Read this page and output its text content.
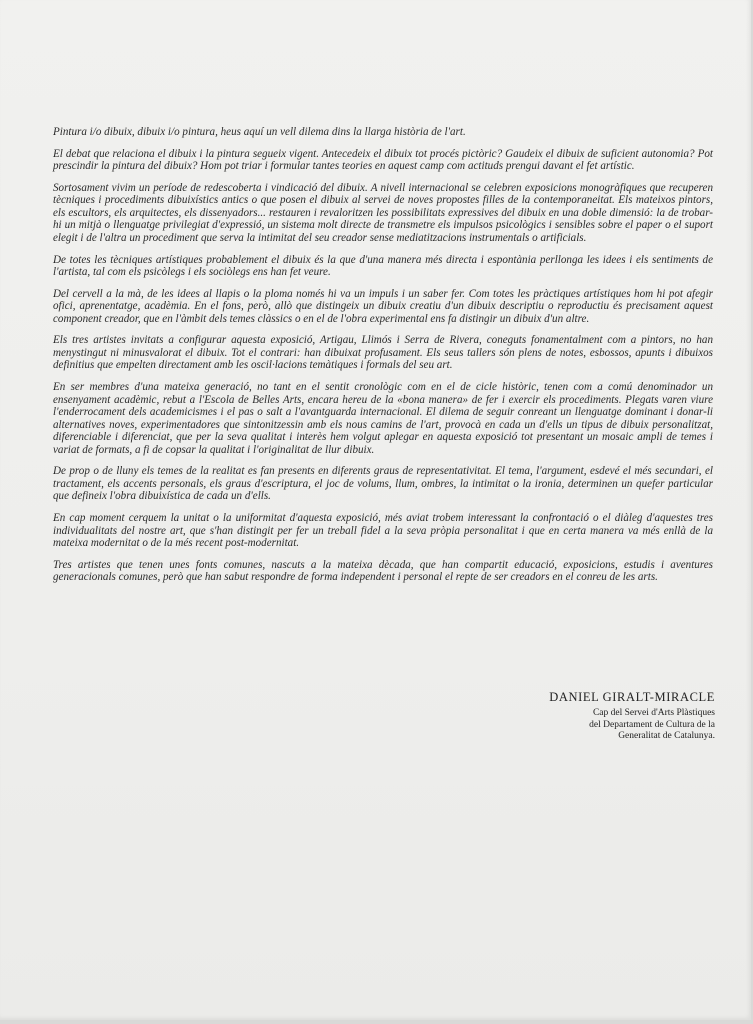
Pintura i/o dibuix, dibuix i/o pintura, heus aquí un vell dilema dins la llarga història de l'art.

El debat que relaciona el dibuix i la pintura segueix vigent. Antecedeix el dibuix tot procés pictòric? Gaudeix el dibuix de suficient autonomia? Pot prescindir la pintura del dibuix? Hom pot triar i formular tantes teories en aquest camp com actituds prengui davant el fet artístic.

Sortosament vivim un període de redescoberta i vindicació del dibuix. A nivell internacional se celebren exposicions monogràfiques que recuperen tècniques i procediments dibuixístics antics o que posen el dibuix al servei de noves propostes filles de la contemporaneitat. Els mateixos pintors, els escultors, els arquitectes, els dissenyadors... restauren i revaloritzen les possibilitats expressives del dibuix en una doble dimensió: la de trobar-hi un mitjà o llenguatge privilegiat d'expressió, un sistema molt directe de transmetre els impulsos psicològics i sensibles sobre el paper o el suport elegit i de l'altra un procediment que serva la intimitat del seu creador sense mediatitzacions instrumentals o artificials.

De totes les tècniques artístiques probablement el dibuix és la que d'una manera més directa i espontània perllonga les idees i els sentiments de l'artista, tal com els psicòlegs i els sociòlegs ens han fet veure.

Del cervell a la mà, de les idees al llapis o la ploma només hi va un impuls i un saber fer. Com totes les pràctiques artístiques hom hi pot afegir ofici, aprenentatge, acadèmia. En el fons, però, allò que distingeix un dibuix creatiu d'un dibuix descriptiu o reproductiu és precisament aquest component creador, que en l'àmbit dels temes clàssics o en el de l'obra experimental ens fa distingir un dibuix d'un altre.

Els tres artistes invitats a configurar aquesta exposició, Artigau, Llimós i Serra de Rivera, coneguts fonamentalment com a pintors, no han menystingut ni minusvalorat el dibuix. Tot el contrari: han dibuixat profusament. Els seus tallers són plens de notes, esbossos, apunts i dibuixos definitius que empelten directament amb les oscil·lacions temàtiques i formals del seu art.

En ser membres d'una mateixa generació, no tant en el sentit cronològic com en el de cicle històric, tenen com a comú denominador un ensenyament acadèmic, rebut a l'Escola de Belles Arts, encara hereu de la «bona manera» de fer i exercir els procediments. Plegats varen viure l'enderrocament dels academicismes i el pas o salt a l'avantguarda internacional. El dilema de seguir conreant un llenguatge dominant i donar-li alternatives noves, experimentadores que sintonitzessin amb els nous camins de l'art, provocà en cada un d'ells un tipus de dibuix personalitzat, diferenciable i diferenciat, que per la seva qualitat i interès hem volgut aplegar en aquesta exposició tot presentant un mosaic ampli de temes i variat de formats, a fi de copsar la qualitat i l'originalitat de llur dibuix.

De prop o de lluny els temes de la realitat es fan presents en diferents graus de representativitat. El tema, l'argument, esdevé el més secundari, el tractament, els accents personals, els graus d'escriptura, el joc de volums, llum, ombres, la intimitat o la ironia, determinen un quefer particular que defineix l'obra dibuixística de cada un d'ells.

En cap moment cerquem la unitat o la uniformitat d'aquesta exposició, més aviat trobem interessant la confrontació o el diàleg d'aquestes tres individualitats del nostre art, que s'han distingit per fer un treball fidel a la seva pròpia personalitat i que en certa manera va més enllà de la mateixa modernitat o de la més recent post-modernitat.

Tres artistes que tenen unes fonts comunes, nascuts a la mateixa dècada, que han compartit educació, exposicions, estudis i aventures generacionals comunes, però que han sabut respondre de forma independent i personal el repte de ser creadors en el conreu de les arts.

DANIEL GIRALT-MIRACLE
Cap del Servei d'Arts Plàstiques
del Departament de Cultura de la
Generalitat de Catalunya.
